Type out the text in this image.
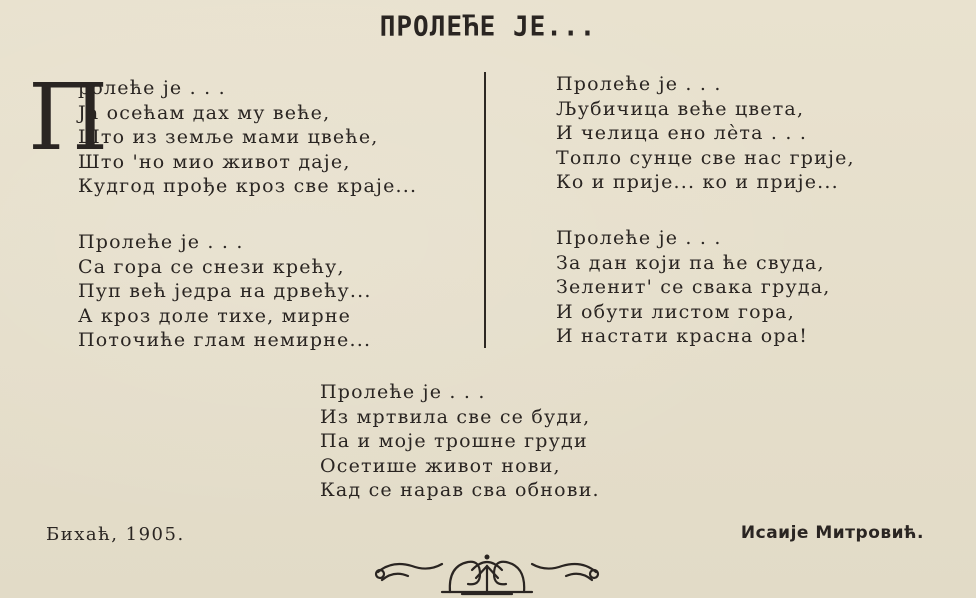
ПРОЛЕЋЕ ЈЕ...
П
ролеће је . . .
Ја осећам дах му веће,
Што из земље мами цвеће,
Што 'но мио живот даје,
Кудгод прође кроз све краје...
Пролеће је . . .
Са гора се снези крећу,
Пуп већ једра на дрвећу...
А кроз доле тихе, мирне
Поточиће глам немирне...
Пролеће је . . .
Љубичица веће цвета,
И челица ено лѐта . . .
Топло сунце све нас грије,
Ко и прије... ко и прије...
Пролеће је . . .
За дан који па ће свуда,
Зеленит' се свака груда,
И обути листом гора,
И настати красна ора!
Пролеће је . . .
Из мртвила све се буди,
Па и моје трошне груди
Осетише живот нови,
Кад се нарав сва обнови.
Бихаћ, 1905.	Исаије Митровић.
